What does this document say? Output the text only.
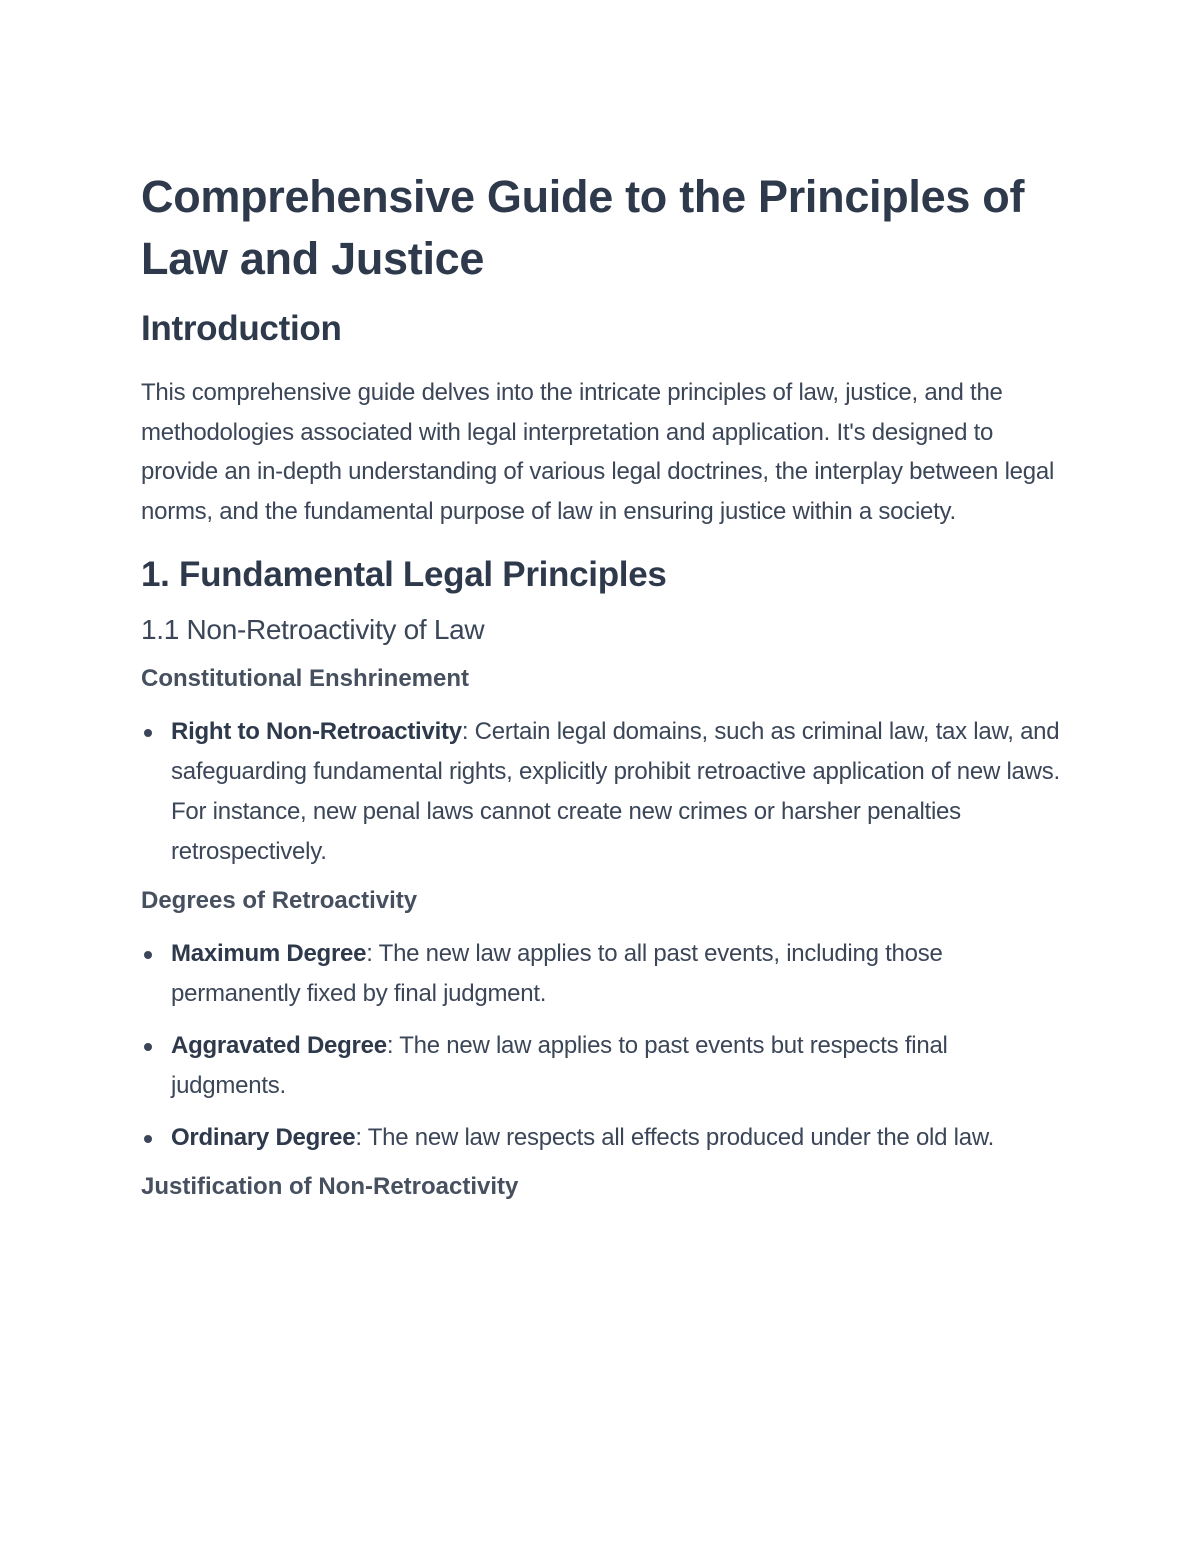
Comprehensive Guide to the Principles of Law and Justice
Introduction

This comprehensive guide delves into the intricate principles of law, justice, and the methodologies associated with legal interpretation and application. It's designed to provide an in-depth understanding of various legal doctrines, the interplay between legal norms, and the fundamental purpose of law in ensuring justice within a society.

1. Fundamental Legal Principles
1.1 Non-Retroactivity of Law
Constitutional Enshrinement
Right to Non-Retroactivity: Certain legal domains, such as criminal law, tax law, and safeguarding fundamental rights, explicitly prohibit retroactive application of new laws. For instance, new penal laws cannot create new crimes or harsher penalties retrospectively.
Degrees of Retroactivity
Maximum Degree: The new law applies to all past events, including those permanently fixed by final judgment.
Aggravated Degree: The new law applies to past events but respects final judgments.
Ordinary Degree: The new law respects all effects produced under the old law.
Justification of Non-Retroactivity
